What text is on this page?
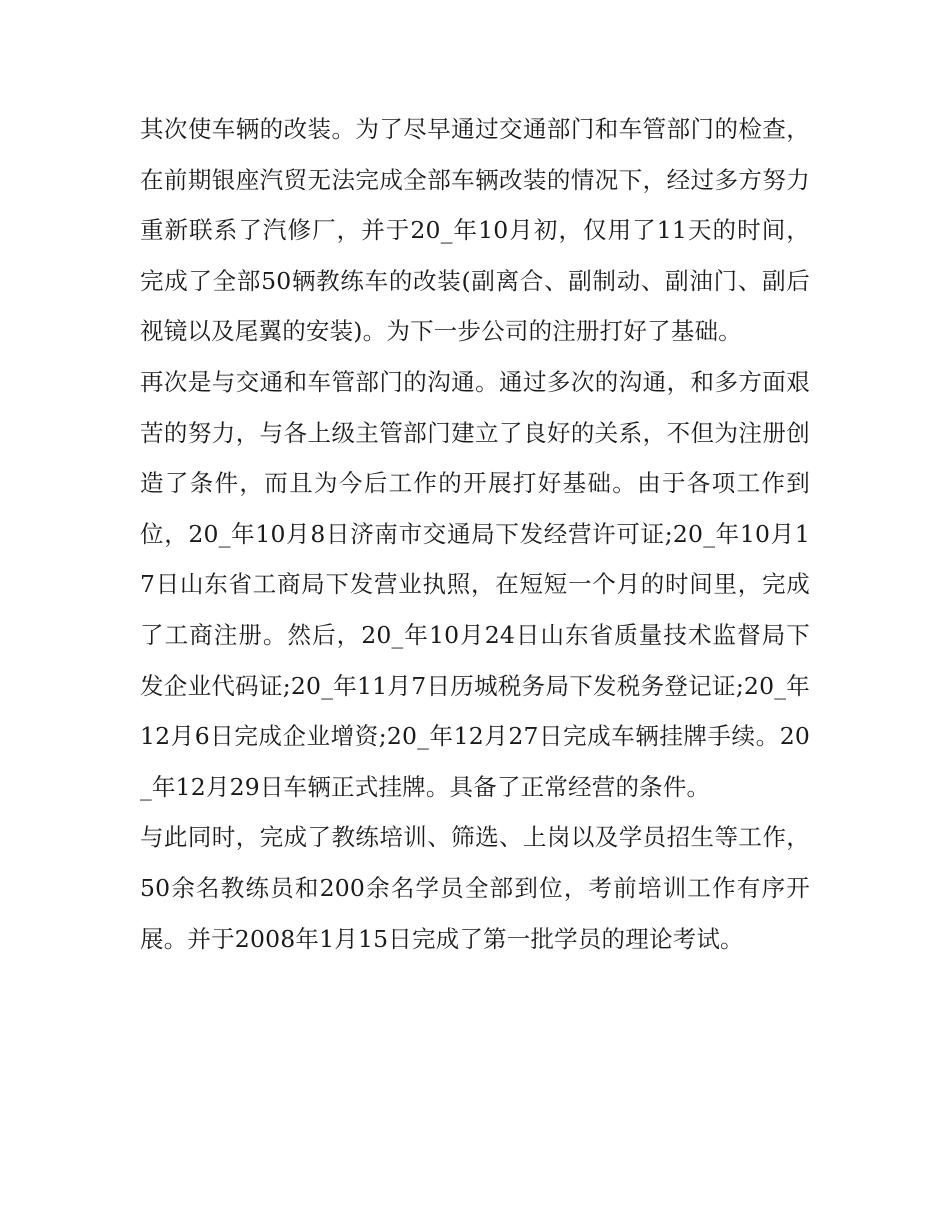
其次使车辆的改装。为了尽早通过交通部门和车管部门的检查，在前期银座汽贸无法完成全部车辆改装的情况下，经过多方努力重新联系了汽修厂，并于20_年10月初，仅用了11天的时间，完成了全部50辆教练车的改装(副离合、副制动、副油门、副后视镜以及尾翼的安装)。为下一步公司的注册打好了基础。

再次是与交通和车管部门的沟通。通过多次的沟通，和多方面艰苦的努力，与各上级主管部门建立了良好的关系，不但为注册创造了条件，而且为今后工作的开展打好基础。由于各项工作到位，20_年10月8日济南市交通局下发经营许可证;20_年10月17日山东省工商局下发营业执照，在短短一个月的时间里，完成了工商注册。然后，20_年10月24日山东省质量技术监督局下发企业代码证;20_年11月7日历城税务局下发税务登记证;20_年12月6日完成企业增资;20_年12月27日完成车辆挂牌手续。20_年12月29日车辆正式挂牌。具备了正常经营的条件。

与此同时，完成了教练培训、筛选、上岗以及学员招生等工作，50余名教练员和200余名学员全部到位，考前培训工作有序开展。并于2008年1月15日完成了第一批学员的理论考试。
